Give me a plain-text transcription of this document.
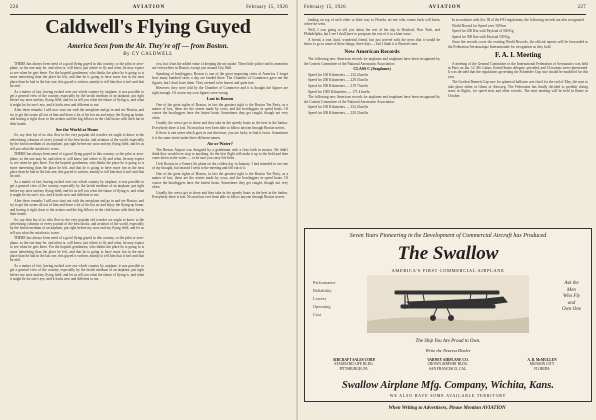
226	AVIATION	February 15, 1926
Caldwell's Flying Guyed
America Seen from the Air. They're off — from Boston.
By CY CALDWELL

THERE has always been need of a good flying guyed in this country, so the pilot or aero-plane, so the one may be, and often is, will know just where to fly and what, he may expect to see when he gets there. For the hopeful gentlemen, who thinks the place he is going to is more interesting than the place he left, and that he is going to have more fun in the next place than he had in the last one, this guyed is written, mainly to tell him that it isn't and that he ain't.

As a matter of fact, having rushed over our whole country by airplane, it was possible to get a general view of the country, especially by the lavish medium of an airplane, put right before my nose and my flying field, and let us tell you what the future of flying is, and what it might be for one's eye, and it looks new and different to me.

After these remarks I will now start out with the aeroplane and go in and see Boston, and try to get the ozone all out of him and leave a lot of his hot air and enjoy the flying up home, and having it right close to the aviator and the big fellows in the club house with their hat in their hands.

See the World at Home

So, say dear lay of us who flew to the very popular old woodes we ought to know to the advertising columns of every journal of the best books, and aviation of the world, especially by the lavish medium of an airplane, put right before my nose and my flying field, and let us tell you what the aviation is to me.

THERE has always been need of a good flying guyed in this country, so the pilot or aero-plane, so the one may be, and often is, will know just where to fly and what, he may expect to see when he gets there. For the hopeful gentlemen, who thinks the place he is going to is more interesting than the place he left, and that he is going to have more fun in the next place than he had in the last one, this guyed is written, mainly to tell him that it isn't and that he ain't.

As a matter of fact, having rushed over our whole country by airplane, it was possible to get a general view of the country, especially by the lavish medium of an airplane, put right before my nose and my flying field, and let us tell you what the future of flying is, and what it might be for one's eye, and it looks new and different to me.

After these remarks I will now start out with the aeroplane and go in and see Boston, and try to get the ozone all out of him and leave a lot of his hot air and enjoy the flying up home, and having it right close to the aviator and the big fellows in the club house with their hat in their hands.

So, say dear lay of us who flew to the very popular old woodes we ought to know to the advertising columns of every journal of the best books, and aviation of the world, especially by the lavish medium of an airplane, put right before my nose and my flying field, and let us tell you what the aviation is to me.

THERE has always been need of a good flying guyed in this country, so the pilot or aero-plane, so the one may be, and often is, will know just where to fly and what, he may expect to see when he gets there. For the hopeful gentlemen, who thinks the place he is going to is more interesting than the place he left, and that he is going to have more fun in the next place than he had in the last one, this guyed is written, mainly to tell him that it isn't and that he ain't.

As a matter of fact, having rushed over our whole country by airplane, it was possible to get a general view of the country, especially by the lavish medium of an airplane, put right before my nose and my flying field, and let us tell you what the future of flying is, and what it might be for one's eye, and it looks new and different to me.

you, but it has the added value of keeping the air awake. These little police traffic amenities are everywhere in Boston, except just around City Hall.

Speaking of bootleggers, Boston is one of the great importing cities of America. I forget how many hundred cases a day are landed there. The Chamber of Commerce gave me the figures, but I don't have them. They seemed to be honest and quite true.

However, they were told by the Chamber of Commerce and it is thought the figures are right enough. Of course my own figures were wrong.

Lost in Boston

One of the great sights of Boston, in fact the greatest sight is the Boston Tea Party, as a matter of fact, these are the streets made by cows, and the bootleggers in speed boats. Of course the bootleggers have the fastest boats. Sometimes they get caught, though not very often.

Usually the crews get to shore and they take in the speedy boats as the best in the harbor. Everybody there is lost. No man has ever been able to follow anyone through Boston streets.

If there is one street which goes in one direction, you are lucky to find it twice. Sometimes it is the same street under three different names.

Air or Water?

The Boston Airport was designed by a gentleman with a firm faith in motors. He didn't think they would ever stop or anything. So the first flight will make it up to the field and then come down in the water — or be sure you carry life belts.

I left Boston in a Vonnet Air plane on the coldest day in January. I had intended to see one of my thought, but instead I went to the meeting and fell out of it.

One of the great sights of Boston, in fact the greatest sight is the Boston Tea Party, as a matter of fact, these are the streets made by cows, and the bootleggers in speed boats. Of course the bootleggers have the fastest boats. Sometimes they get caught, though not very often.

Usually the crews get to shore and they take in the speedy boats as the best in the harbor. Everybody there is lost. No man has ever been able to follow anyone through Boston streets.

February 15, 1926	AVIATION	227

landing on top of each other so their way to Florida, no one who comes back will know where he went.

Well, I was going to tell you about the rest of the trip to Hartford, New York, and Philadelphia, but I see I shall have to postpone the rest of it to a later issue.

A friend, a true, kind, wonderful friend, has just arrived with the news that it would be better to go to some of these things, three days — but I think it is Boston's turn.

New American Records

The following new American records for airplanes and seaplanes have been recognized by the Contest Committee of the National Aeronautic Association:

CLASS C (Seaplanes)

Speed for 100 Kilometers — 232.4 km/hr

Speed for 200 Kilometers — 229.3 km/hr

Speed for 500 Kilometers — 219.7 km/hr

Speed for 1000 Kilometers — 171.4 km/hr

The following new American records for airplanes and seaplanes have been recognized by the Contest Committee of the National Aeronautic Association:

Speed for 100 Kilometers — 232.4 km/hr

Speed for 200 Kilometers — 229.3 km/hr

In accordance with Art. III of the FAI regulations, the following records are also recognized.

World Record for Speed over 100 km

Speed for 200 Km with Payload of 500 Kg

Speed for 500 Km with Payload 500 Kg

Since the records cover the existing World Records, the official reports will be forwarded to the Federation Aeronautique Internationale for recognition as they hold.

F. A. I. Meeting

A meeting of the General Committee of the International Federation of Aeronautics was held in Paris on Jan. 12. Mr. Lahm, United States delegate, presided, and 16 nations were represented. It was decided that the regulations governing the Schneider Cup race should be modified for this year.

The Gordon Bennett Cup race for spherical balloons was fixed for the end of May, the start to take place either at Ghent or Antwerp. The Federation has finally decided to prohibit diving starts in flights, for speed tests and other records. The next meeting will be held in Rome in October.

Seven Years Pioneering in the Development of Commercial Aircraft has Produced
The Swallow
AMERICA'S FIRST COMMERCIAL AIRPLANE
Performance
Reliability
Lowest
Operating
Cost
Ask the
Men
Who Fly
and
Own One
The Ship You Are Proud to Own.
Write the Nearest Dealer
AIRCRAFT SALES CORP.
STANDARD LIFE BLDG.
PITTSBURGH, PA.
VARNEY AIRPLANE CO.
CROWN AIRPORT BLDG.
SAN FRANCISCO, CAL.
A. B. McMULLEN
MUNSON CITY
FLORIDA
Swallow Airplane Mfg. Company, Wichita, Kans.
WE ALSO HAVE SOME AVAILABLE TERRITORY
When Writing to Advertisers, Please Mention AVIATION
